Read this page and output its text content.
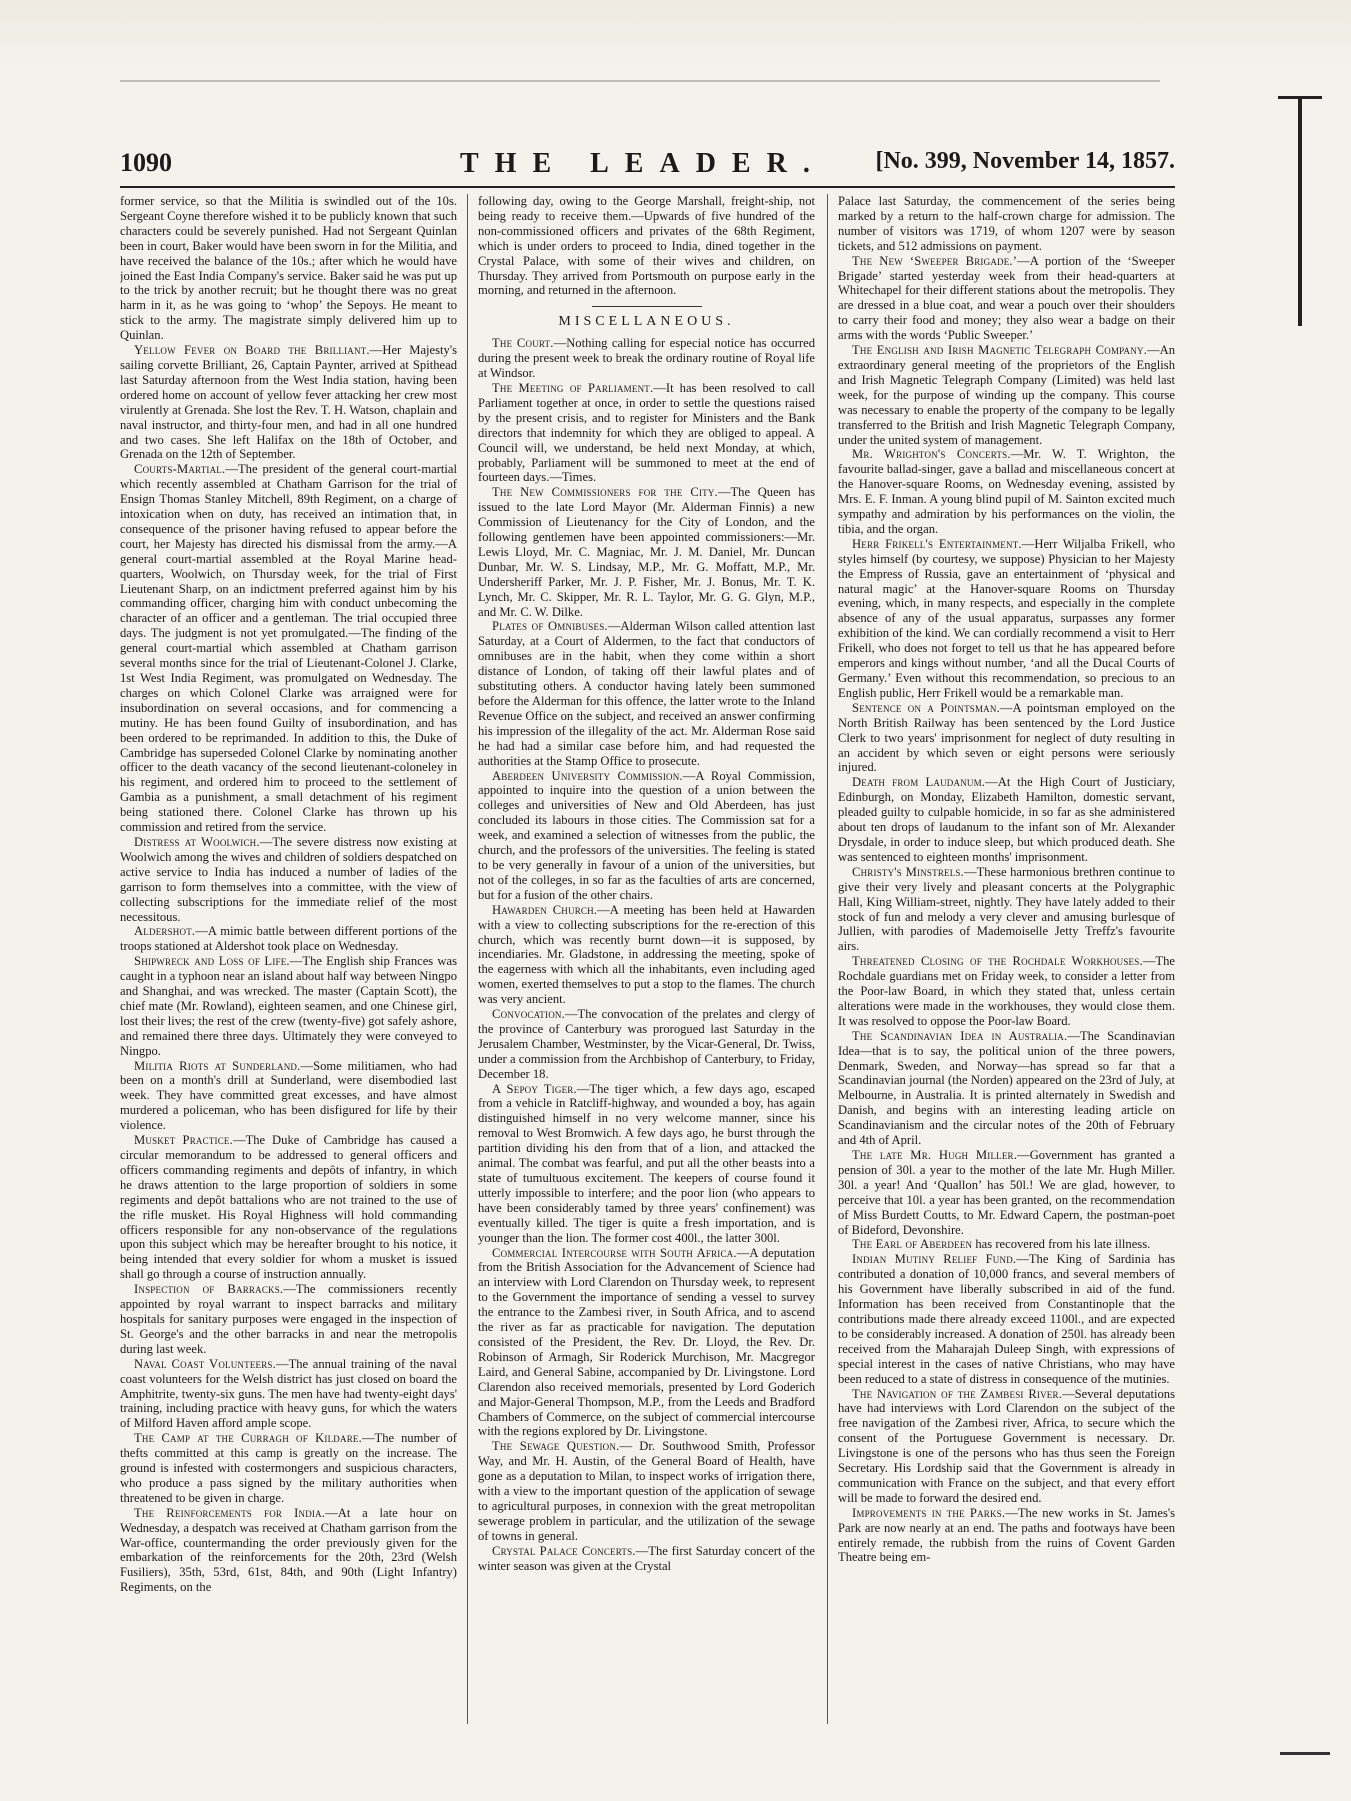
1090	THE LEADER. [No. 399, November 14, 1857.

former service, so that the Militia is swindled out of the 10s. Sergeant Coyne therefore wished it to be publicly known that such characters could be severely punished. Had not Sergeant Quinlan been in court, Baker would have been sworn in for the Militia, and have received the balance of the 10s.; after which he would have joined the East India Company's service. Baker said he was put up to the trick by another recruit; but he thought there was no great harm in it, as he was going to ‘whop’ the Sepoys. He meant to stick to the army. The magistrate simply delivered him up to Quinlan.

Yellow Fever on Board the Brilliant.—Her Majesty's sailing corvette Brilliant, 26, Captain Paynter, arrived at Spithead last Saturday afternoon from the West India station, having been ordered home on account of yellow fever attacking her crew most virulently at Grenada. She lost the Rev. T. H. Watson, chaplain and naval instructor, and thirty-four men, and had in all one hundred and two cases. She left Halifax on the 18th of October, and Grenada on the 12th of September.

Courts-Martial.—The president of the general court-martial which recently assembled at Chatham Garrison for the trial of Ensign Thomas Stanley Mitchell, 89th Regiment, on a charge of intoxication when on duty, has received an intimation that, in consequence of the prisoner having refused to appear before the court, her Majesty has directed his dismissal from the army.—A general court-martial assembled at the Royal Marine head-quarters, Woolwich, on Thursday week, for the trial of First Lieutenant Sharp, on an indictment preferred against him by his commanding officer, charging him with conduct unbecoming the character of an officer and a gentleman. The trial occupied three days. The judgment is not yet promulgated.—The finding of the general court-martial which assembled at Chatham garrison several months since for the trial of Lieutenant-Colonel J. Clarke, 1st West India Regiment, was promulgated on Wednesday. The charges on which Colonel Clarke was arraigned were for insubordination on several occasions, and for commencing a mutiny. He has been found Guilty of insubordination, and has been ordered to be reprimanded. In addition to this, the Duke of Cambridge has superseded Colonel Clarke by nominating another officer to the death vacancy of the second lieutenant-coloneley in his regiment, and ordered him to proceed to the settlement of Gambia as a punishment, a small detachment of his regiment being stationed there. Colonel Clarke has thrown up his commission and retired from the service.

Distress at Woolwich.—The severe distress now existing at Woolwich among the wives and children of soldiers despatched on active service to India has induced a number of ladies of the garrison to form themselves into a committee, with the view of collecting subscriptions for the immediate relief of the most necessitous.

Aldershot.—A mimic battle between different portions of the troops stationed at Aldershot took place on Wednesday.

Shipwreck and Loss of Life.—The English ship Frances was caught in a typhoon near an island about half way between Ningpo and Shanghai, and was wrecked. The master (Captain Scott), the chief mate (Mr. Rowland), eighteen seamen, and one Chinese girl, lost their lives; the rest of the crew (twenty-five) got safely ashore, and remained there three days. Ultimately they were conveyed to Ningpo.

Militia Riots at Sunderland.—Some militiamen, who had been on a month's drill at Sunderland, were disembodied last week. They have committed great excesses, and have almost murdered a policeman, who has been disfigured for life by their violence.

Musket Practice.—The Duke of Cambridge has caused a circular memorandum to be addressed to general officers and officers commanding regiments and depôts of infantry, in which he draws attention to the large proportion of soldiers in some regiments and depôt battalions who are not trained to the use of the rifle musket. His Royal Highness will hold commanding officers responsible for any non-observance of the regulations upon this subject which may be hereafter brought to his notice, it being intended that every soldier for whom a musket is issued shall go through a course of instruction annually.

Inspection of Barracks.—The commissioners recently appointed by royal warrant to inspect barracks and military hospitals for sanitary purposes were engaged in the inspection of St. George's and the other barracks in and near the metropolis during last week.

Naval Coast Volunteers.—The annual training of the naval coast volunteers for the Welsh district has just closed on board the Amphitrite, twenty-six guns. The men have had twenty-eight days' training, including practice with heavy guns, for which the waters of Milford Haven afford ample scope.

The Camp at the Curragh of Kildare.—The number of thefts committed at this camp is greatly on the increase. The ground is infested with costermongers and suspicious characters, who produce a pass signed by the military authorities when threatened to be given in charge.

The Reinforcements for India.—At a late hour on Wednesday, a despatch was received at Chatham garrison from the War-office, countermanding the order previously given for the embarkation of the reinforcements for the 20th, 23rd (Welsh Fusiliers), 35th, 53rd, 61st, 84th, and 90th (Light Infantry) Regiments, on the

following day, owing to the George Marshall, freight-ship, not being ready to receive them.—Upwards of five hundred of the non-commissioned officers and privates of the 68th Regiment, which is under orders to proceed to India, dined together in the Crystal Palace, with some of their wives and children, on Thursday. They arrived from Portsmouth on purpose early in the morning, and returned in the afternoon.

MISCELLANEOUS.

The Court.—Nothing calling for especial notice has occurred during the present week to break the ordinary routine of Royal life at Windsor.

The Meeting of Parliament.—It has been resolved to call Parliament together at once, in order to settle the questions raised by the present crisis, and to register for Ministers and the Bank directors that indemnity for which they are obliged to appeal. A Council will, we understand, be held next Monday, at which, probably, Parliament will be summoned to meet at the end of fourteen days.—Times.

The New Commissioners for the City.—The Queen has issued to the late Lord Mayor (Mr. Alderman Finnis) a new Commission of Lieutenancy for the City of London, and the following gentlemen have been appointed commissioners:—Mr. Lewis Lloyd, Mr. C. Magniac, Mr. J. M. Daniel, Mr. Duncan Dunbar, Mr. W. S. Lindsay, M.P., Mr. G. Moffatt, M.P., Mr. Undersheriff Parker, Mr. J. P. Fisher, Mr. J. Bonus, Mr. T. K. Lynch, Mr. C. Skipper, Mr. R. L. Taylor, Mr. G. G. Glyn, M.P., and Mr. C. W. Dilke.

Plates of Omnibuses.—Alderman Wilson called attention last Saturday, at a Court of Aldermen, to the fact that conductors of omnibuses are in the habit, when they come within a short distance of London, of taking off their lawful plates and of substituting others. A conductor having lately been summoned before the Alderman for this offence, the latter wrote to the Inland Revenue Office on the subject, and received an answer confirming his impression of the illegality of the act. Mr. Alderman Rose said he had had a similar case before him, and had requested the authorities at the Stamp Office to prosecute.

Aberdeen University Commission.—A Royal Commission, appointed to inquire into the question of a union between the colleges and universities of New and Old Aberdeen, has just concluded its labours in those cities. The Commission sat for a week, and examined a selection of witnesses from the public, the church, and the professors of the universities. The feeling is stated to be very generally in favour of a union of the universities, but not of the colleges, in so far as the faculties of arts are concerned, but for a fusion of the other chairs.

Hawarden Church.—A meeting has been held at Hawarden with a view to collecting subscriptions for the re-erection of this church, which was recently burnt down—it is supposed, by incendiaries. Mr. Gladstone, in addressing the meeting, spoke of the eagerness with which all the inhabitants, even including aged women, exerted themselves to put a stop to the flames. The church was very ancient.

Convocation.—The convocation of the prelates and clergy of the province of Canterbury was prorogued last Saturday in the Jerusalem Chamber, Westminster, by the Vicar-General, Dr. Twiss, under a commission from the Archbishop of Canterbury, to Friday, December 18.

A Sepoy Tiger.—The tiger which, a few days ago, escaped from a vehicle in Ratcliff-highway, and wounded a boy, has again distinguished himself in no very welcome manner, since his removal to West Bromwich. A few days ago, he burst through the partition dividing his den from that of a lion, and attacked the animal. The combat was fearful, and put all the other beasts into a state of tumultuous excitement. The keepers of course found it utterly impossible to interfere; and the poor lion (who appears to have been considerably tamed by three years' confinement) was eventually killed. The tiger is quite a fresh importation, and is younger than the lion. The former cost 400l., the latter 300l.

Commercial Intercourse with South Africa.—A deputation from the British Association for the Advancement of Science had an interview with Lord Clarendon on Thursday week, to represent to the Government the importance of sending a vessel to survey the entrance to the Zambesi river, in South Africa, and to ascend the river as far as practicable for navigation. The deputation consisted of the President, the Rev. Dr. Lloyd, the Rev. Dr. Robinson of Armagh, Sir Roderick Murchison, Mr. Macgregor Laird, and General Sabine, accompanied by Dr. Livingstone. Lord Clarendon also received memorials, presented by Lord Goderich and Major-General Thompson, M.P., from the Leeds and Bradford Chambers of Commerce, on the subject of commercial intercourse with the regions explored by Dr. Livingstone.

The Sewage Question.— Dr. Southwood Smith, Professor Way, and Mr. H. Austin, of the General Board of Health, have gone as a deputation to Milan, to inspect works of irrigation there, with a view to the important question of the application of sewage to agricultural purposes, in connexion with the great metropolitan sewerage problem in particular, and the utilization of the sewage of towns in general.

Crystal Palace Concerts.—The first Saturday concert of the winter season was given at the Crystal

Palace last Saturday, the commencement of the series being marked by a return to the half-crown charge for admission. The number of visitors was 1719, of whom 1207 were by season tickets, and 512 admissions on payment.

The New ‘Sweeper Brigade.’—A portion of the ‘Sweeper Brigade’ started yesterday week from their head-quarters at Whitechapel for their different stations about the metropolis. They are dressed in a blue coat, and wear a pouch over their shoulders to carry their food and money; they also wear a badge on their arms with the words ‘Public Sweeper.’

The English and Irish Magnetic Telegraph Company.—An extraordinary general meeting of the proprietors of the English and Irish Magnetic Telegraph Company (Limited) was held last week, for the purpose of winding up the company. This course was necessary to enable the property of the company to be legally transferred to the British and Irish Magnetic Telegraph Company, under the united system of management.

Mr. Wrighton's Concerts.—Mr. W. T. Wrighton, the favourite ballad-singer, gave a ballad and miscellaneous concert at the Hanover-square Rooms, on Wednesday evening, assisted by Mrs. E. F. Inman. A young blind pupil of M. Sainton excited much sympathy and admiration by his performances on the violin, the tibia, and the organ.

Herr Frikell's Entertainment.—Herr Wiljalba Frikell, who styles himself (by courtesy, we suppose) Physician to her Majesty the Empress of Russia, gave an entertainment of ‘physical and natural magic’ at the Hanover-square Rooms on Thursday evening, which, in many respects, and especially in the complete absence of any of the usual apparatus, surpasses any former exhibition of the kind. We can cordially recommend a visit to Herr Frikell, who does not forget to tell us that he has appeared before emperors and kings without number, ‘and all the Ducal Courts of Germany.’ Even without this recommendation, so precious to an English public, Herr Frikell would be a remarkable man.

Sentence on a Pointsman.—A pointsman employed on the North British Railway has been sentenced by the Lord Justice Clerk to two years' imprisonment for neglect of duty resulting in an accident by which seven or eight persons were seriously injured.

Death from Laudanum.—At the High Court of Justiciary, Edinburgh, on Monday, Elizabeth Hamilton, domestic servant, pleaded guilty to culpable homicide, in so far as she administered about ten drops of laudanum to the infant son of Mr. Alexander Drysdale, in order to induce sleep, but which produced death. She was sentenced to eighteen months' imprisonment.

Christy's Minstrels.—These harmonious brethren continue to give their very lively and pleasant concerts at the Polygraphic Hall, King William-street, nightly. They have lately added to their stock of fun and melody a very clever and amusing burlesque of Jullien, with parodies of Mademoiselle Jetty Treffz's favourite airs.

Threatened Closing of the Rochdale Workhouses.—The Rochdale guardians met on Friday week, to consider a letter from the Poor-law Board, in which they stated that, unless certain alterations were made in the workhouses, they would close them. It was resolved to oppose the Poor-law Board.

The Scandinavian Idea in Australia.—The Scandinavian Idea—that is to say, the political union of the three powers, Denmark, Sweden, and Norway—has spread so far that a Scandinavian journal (the Norden) appeared on the 23rd of July, at Melbourne, in Australia. It is printed alternately in Swedish and Danish, and begins with an interesting leading article on Scandinavianism and the circular notes of the 20th of February and 4th of April.

The late Mr. Hugh Miller.—Government has granted a pension of 30l. a year to the mother of the late Mr. Hugh Miller. 30l. a year! And ‘Quallon’ has 50l.! We are glad, however, to perceive that 10l. a year has been granted, on the recommendation of Miss Burdett Coutts, to Mr. Edward Capern, the postman-poet of Bideford, Devonshire.

The Earl of Aberdeen has recovered from his late illness.

Indian Mutiny Relief Fund.—The King of Sardinia has contributed a donation of 10,000 francs, and several members of his Government have liberally subscribed in aid of the fund. Information has been received from Constantinople that the contributions made there already exceed 1100l., and are expected to be considerably increased. A donation of 250l. has already been received from the Maharajah Duleep Singh, with expressions of special interest in the cases of native Christians, who may have been reduced to a state of distress in consequence of the mutinies.

The Navigation of the Zambesi River.—Several deputations have had interviews with Lord Clarendon on the subject of the free navigation of the Zambesi river, Africa, to secure which the consent of the Portuguese Government is necessary. Dr. Livingstone is one of the persons who has thus seen the Foreign Secretary. His Lordship said that the Government is already in communication with France on the subject, and that every effort will be made to forward the desired end.

Improvements in the Parks.—The new works in St. James's Park are now nearly at an end. The paths and footways have been entirely remade, the rubbish from the ruins of Covent Garden Theatre being em-
